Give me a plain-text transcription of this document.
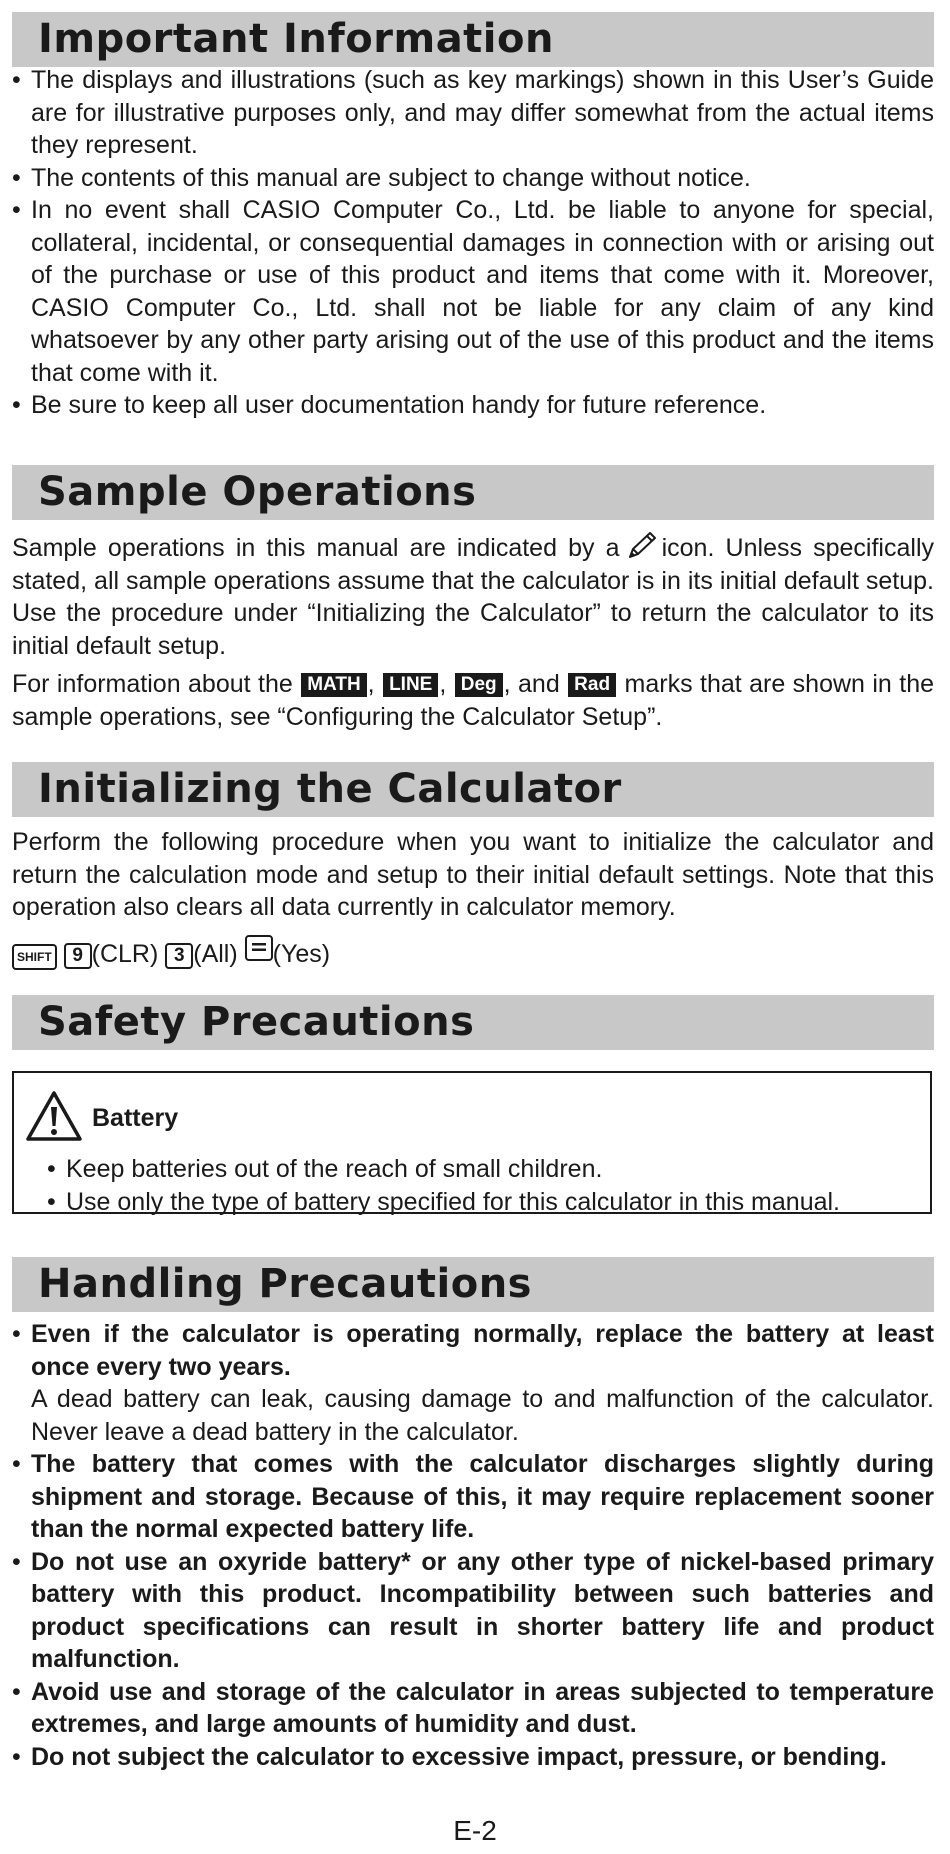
Important Information
• The displays and illustrations (such as key markings) shown in this User’s Guide are for illustrative purposes only, and may differ somewhat from the actual items they represent.
• The contents of this manual are subject to change without notice.
• In no event shall CASIO Computer Co., Ltd. be liable to anyone for special, collateral, incidental, or consequential damages in connection with or arising out of the purchase or use of this product and items that come with it. Moreover, CASIO Computer Co., Ltd. shall not be liable for any claim of any kind whatsoever by any other party arising out of the use of this product and the items that come with it.
• Be sure to keep all user documentation handy for future reference.
Sample Operations

Sample operations in this manual are indicated by a icon. Unless specifically stated, all sample operations assume that the calculator is in its initial default setup. Use the procedure under “Initializing the Calculator” to return the calculator to its initial default setup.

For information about the MATH , LINE , Deg , and Rad marks that are shown in the sample operations, see “Configuring the Calculator Setup”.

Initializing the Calculator

Perform the following procedure when you want to initialize the calculator and return the calculation mode and setup to their initial default settings. Note that this operation also clears all data currently in calculator memory.

SHIFT 9 (CLR) 3 (All) (Yes)
Safety Precautions
Battery
• Keep batteries out of the reach of small children.
• Use only the type of battery specified for this calculator in this manual.
Handling Precautions
• Even if the calculator is operating normally, replace the battery at least once every two years.
A dead battery can leak, causing damage to and malfunction of the calculator. Never leave a dead battery in the calculator.
• The battery that comes with the calculator discharges slightly during shipment and storage. Because of this, it may require replacement sooner than the normal expected battery life.
• Do not use an oxyride battery* or any other type of nickel-based primary battery with this product. Incompatibility between such batteries and product specifications can result in shorter battery life and product malfunction.
• Avoid use and storage of the calculator in areas subjected to temperature extremes, and large amounts of humidity and dust.
• Do not subject the calculator to excessive impact, pressure, or bending.
E-2
